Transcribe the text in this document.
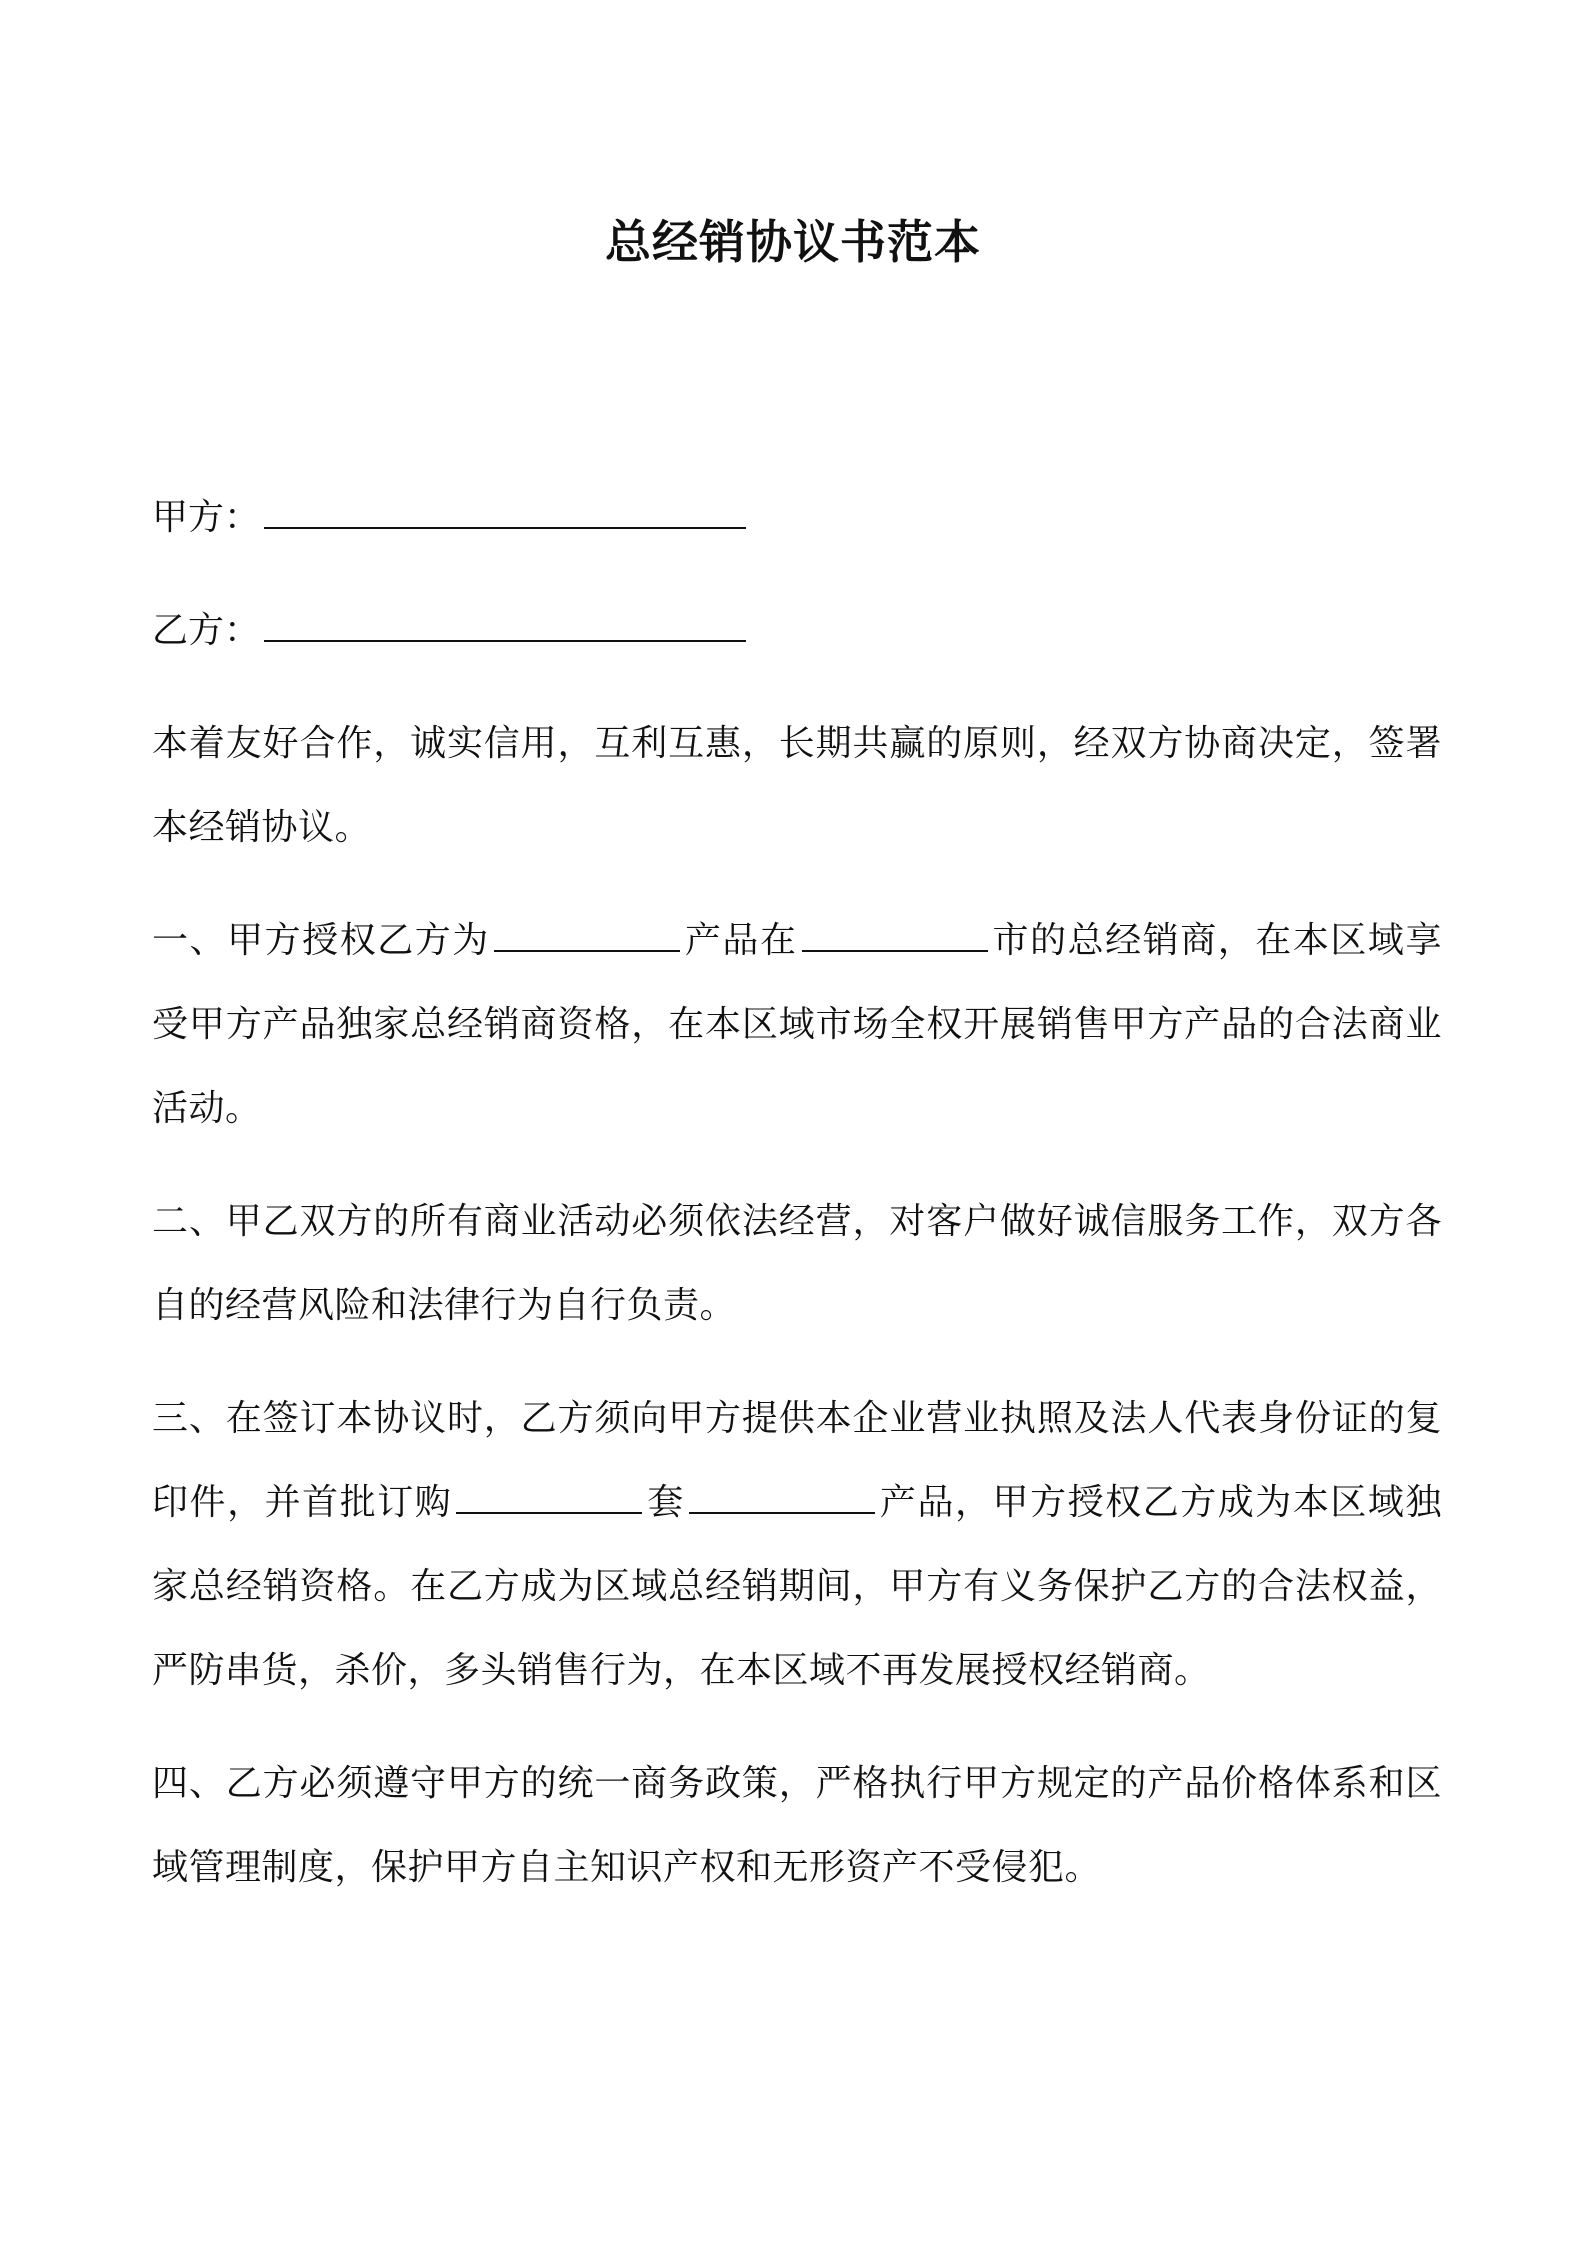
总经销协议书范本

甲方：

乙方：

本着友好合作，诚实信用，互利互惠，长期共赢的原则，经双方协商决定，签署本经销协议。

一、甲方授权乙方为	产品在	市的总经销商，在本区域享受甲方产品独家总经销商资格，在本区域市场全权开展销售甲方产品的合法商业活动。

二、甲乙双方的所有商业活动必须依法经营，对客户做好诚信服务工作，双方各自的经营风险和法律行为自行负责。

三、在签订本协议时，乙方须向甲方提供本企业营业执照及法人代表身份证的复印件，并首批订购	套	产品，甲方授权乙方成为本区域独家总经销资格。在乙方成为区域总经销期间，甲方有义务保护乙方的合法权益，严防串货，杀价，多头销售行为，在本区域不再发展授权经销商。

四、乙方必须遵守甲方的统一商务政策，严格执行甲方规定的产品价格体系和区域管理制度，保护甲方自主知识产权和无形资产不受侵犯。
